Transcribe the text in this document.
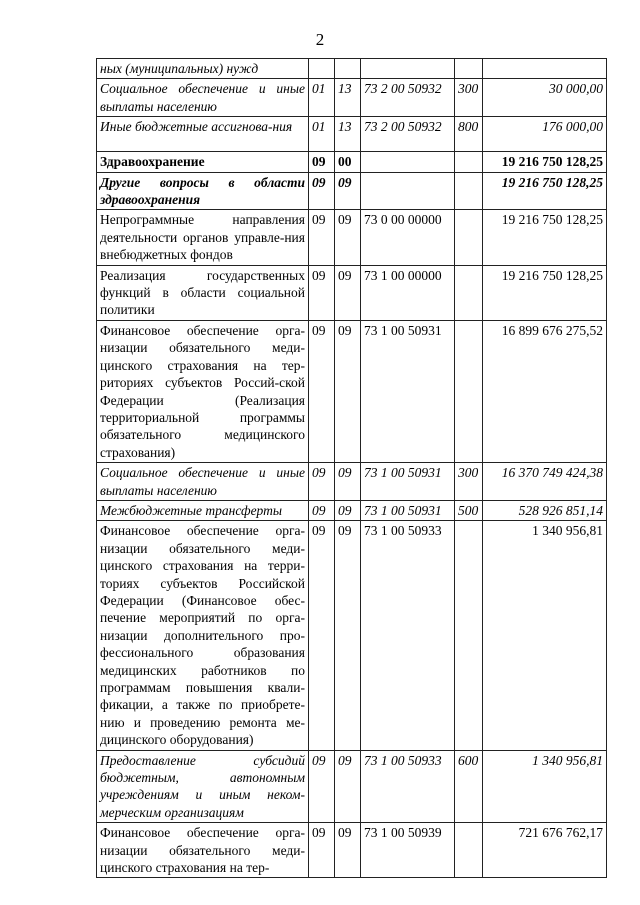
2
ных (муниципальных) нужд					
Социальное обеспечение и иные выплаты населению	01	13	73 2 00 50932	300	30 000,00
Иные бюджетные ассигнова-ния	01	13	73 2 00 50932	800	176 000,00
Здравоохранение	09	00			19 216 750 128,25
Другие вопросы в области здравоохранения	09	09			19 216 750 128,25
Непрограммные направления деятельности органов управле-ния внебюджетных фондов	09	09	73 0 00 00000		19 216 750 128,25
Реализация государственных функций в области социальной политики	09	09	73 1 00 00000		19 216 750 128,25
Финансовое обеспечение орга-низации обязательного меди-цинского страхования на тер-риториях субъектов Россий-ской Федерации (Реализация территориальной программы обязательного медицинского страхования)	09	09	73 1 00 50931		16 899 676 275,52
Социальное обеспечение и иные выплаты населению	09	09	73 1 00 50931	300	16 370 749 424,38
Межбюджетные трансферты	09	09	73 1 00 50931	500	528 926 851,14
Финансовое обеспечение орга-низации обязательного меди-цинского страхования на терри-ториях субъектов Российской Федерации (Финансовое обес-печение мероприятий по орга-низации дополнительного про-фессионального образования медицинских работников по программам повышения квали-фикации, а также по приобрете-нию и проведению ремонта ме-дицинского оборудования)	09	09	73 1 00 50933		1 340 956,81
Предоставление субсидий бюджетным, автономным учреждениям и иным неком-мерческим организациям	09	09	73 1 00 50933	600	1 340 956,81
Финансовое обеспечение орга-низации обязательного меди-цинского страхования на тер-	09	09	73 1 00 50939		721 676 762,17
